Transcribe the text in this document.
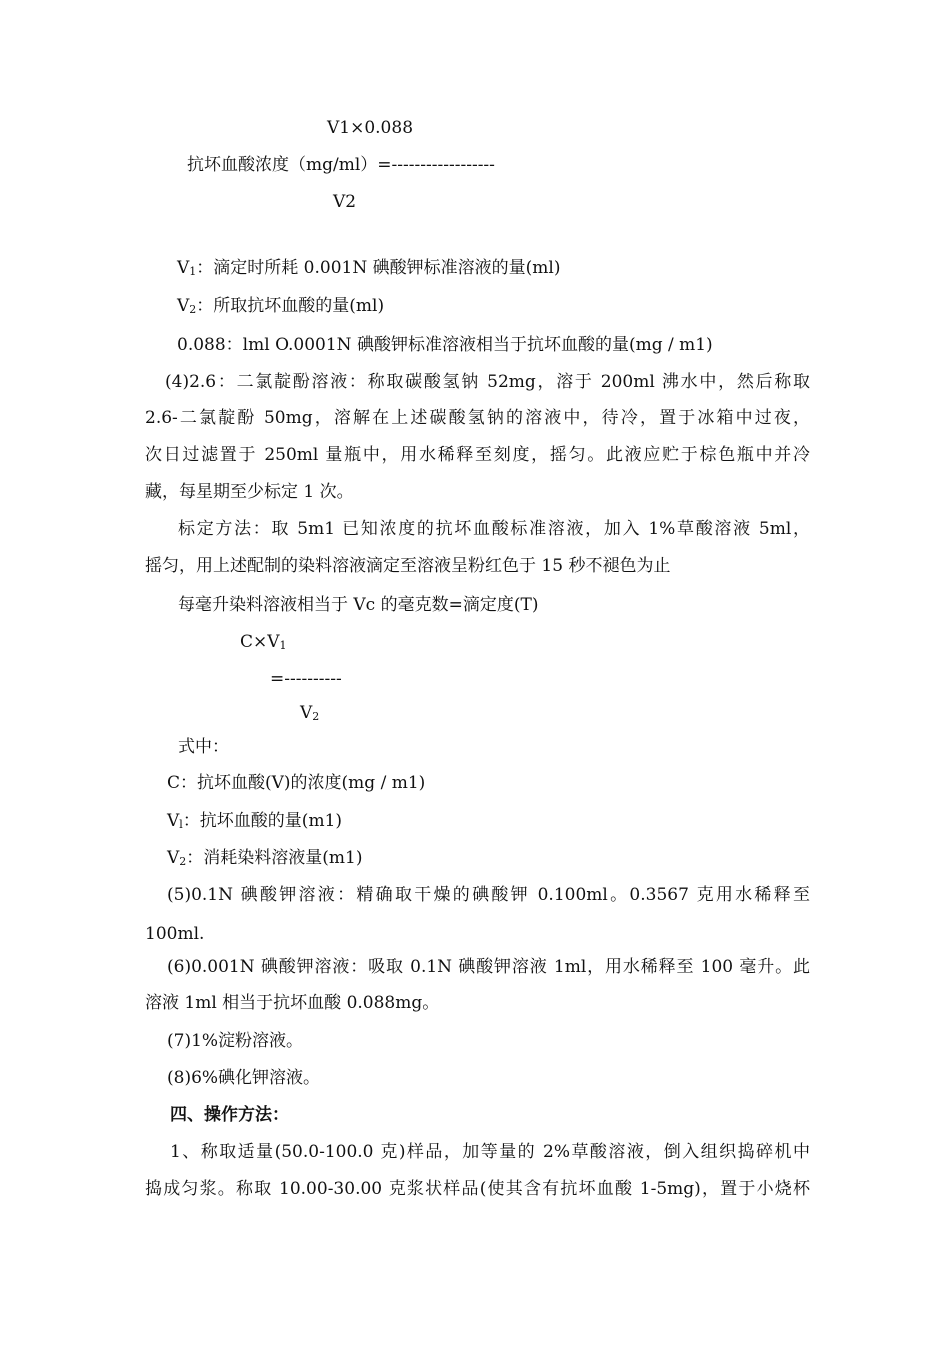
V1×0.088
抗坏血酸浓度（mg/ml）=------------------
V2
$V_1$：滴定时所耗 0.001N 碘酸钾标准溶液的量(ml)
$V_2$：所取抗坏血酸的量(ml)
0.088：lml O.0001N 碘酸钾标准溶液相当于抗坏血酸的量(mg / m1)
(4)2.6：二氯靛酚溶液：称取碳酸氢钠 52mg，溶于 200ml 沸水中，然后称取
2.6-二氯靛酚 50mg，溶解在上述碳酸氢钠的溶液中，待冷，置于冰箱中过夜，
次日过滤置于 250ml 量瓶中，用水稀释至刻度，摇匀。此液应贮于棕色瓶中并冷
藏，每星期至少标定 1 次。
标定方法：取 5m1 已知浓度的抗坏血酸标准溶液，加入 1%草酸溶液 5ml，
摇匀，用上述配制的染料溶液滴定至溶液呈粉红色于 15 秒不褪色为止
每毫升染料溶液相当于 Vc 的毫克数=滴定度(T)
$C\times V_1$
=----------
$V_2$
式中：
C：抗坏血酸(V)的浓度(mg / m1)
$V_l$：抗坏血酸的量(m1)
$V_2$：消耗染料溶液量(m1)
(5)0.1N 碘酸钾溶液：精确取干燥的碘酸钾 0.100ml。0.3567 克用水稀释至
100ml.
(6)0.001N 碘酸钾溶液：吸取 0.1N 碘酸钾溶液 1ml，用水稀释至 100 毫升。此
溶液 1ml 相当于抗坏血酸 0.088mg。
(7)1%淀粉溶液。
(8)6%碘化钾溶液。
四、操作方法：
1、称取适量(50.0-100.0 克)样品，加等量的 2%草酸溶液，倒入组织捣碎机中
捣成匀浆。称取 10.00-30.00 克浆状样品(使其含有抗坏血酸 1-5mg)，置于小烧杯
